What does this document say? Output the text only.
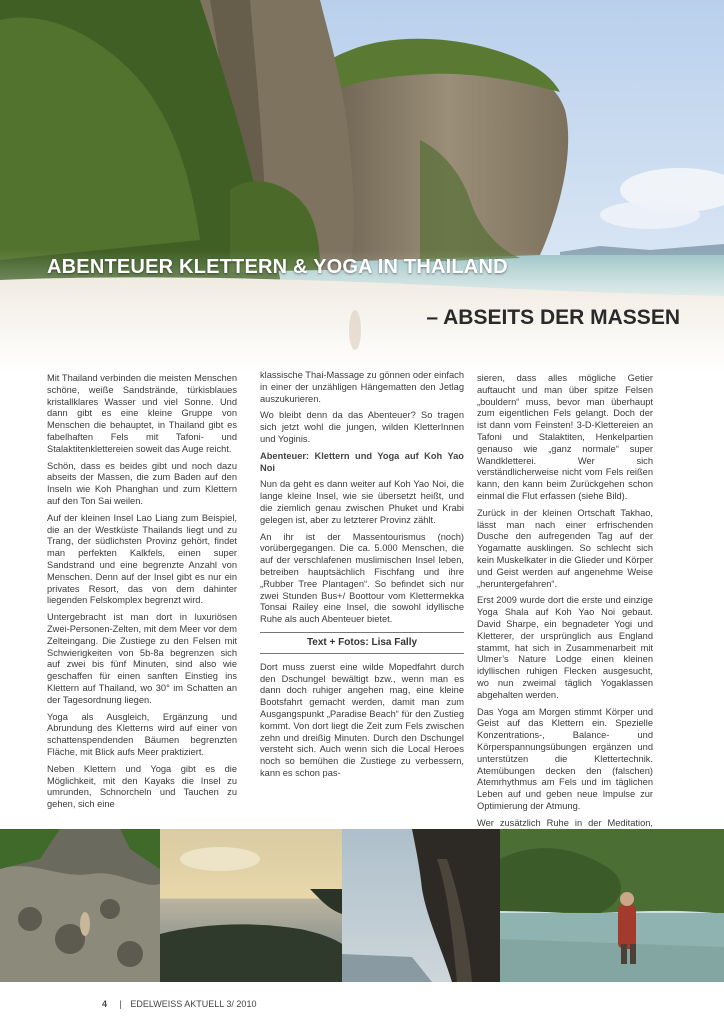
ABENTEUER KLETTERN & YOGA IN THAILAND
– ABSEITS DER MASSEN

Mit Thailand verbinden die meisten Menschen schöne, weiße Sandstrände, türkisblaues kristallklares Wasser und viel Sonne. Und dann gibt es eine kleine Gruppe von Menschen die behauptet, in Thailand gibt es fabelhaften Fels mit Tafoni- und Stalaktitenklettereien soweit das Auge reicht.

Schön, dass es beides gibt und noch dazu abseits der Massen, die zum Baden auf den Inseln wie Koh Phanghan und zum Klettern auf den Ton Sai weilen.

Auf der kleinen Insel Lao Liang zum Beispiel, die an der Westküste Thailands liegt und zu Trang, der südlichsten Provinz gehört, findet man perfekten Kalkfels, einen super Sandstrand und eine begrenzte Anzahl von Menschen. Denn auf der Insel gibt es nur ein privates Resort, das von dem dahinter liegenden Felskomplex begrenzt wird.

Untergebracht ist man dort in luxuriösen Zwei-Personen-Zelten, mit dem Meer vor dem Zelteingang. Die Zustiege zu den Felsen mit Schwierigkeiten von 5b-8a begrenzen sich auf zwei bis fünf Minuten, sind also wie geschaffen für einen sanften Einstieg ins Klettern auf Thailand, wo 30° im Schatten an der Tagesordnung liegen.

Yoga als Ausgleich, Ergänzung und Abrundung des Kletterns wird auf einer von schattenspendenden Bäumen begrenzten Fläche, mit Blick aufs Meer praktiziert.

Neben Klettern und Yoga gibt es die Möglichkeit, mit den Kayaks die Insel zu umrunden, Schnorcheln und Tauchen zu gehen, sich eine

klassische Thai-Massage zu gönnen oder einfach in einer der unzähligen Hängematten den Jetlag auszukurieren.

Wo bleibt denn da das Abenteuer? So tragen sich jetzt wohl die jungen, wilden KletterInnen und Yoginis.

Abenteuer: Klettern und Yoga auf Koh Yao Noi

Nun da geht es dann weiter auf Koh Yao Noi, die lange kleine Insel, wie sie übersetzt heißt, und die ziemlich genau zwischen Phuket und Krabi gelegen ist, aber zu letzterer Provinz zählt.

An ihr ist der Massentourismus (noch) vorübergegangen. Die ca. 5.000 Menschen, die auf der verschlafenen muslimischen Insel leben, betreiben hauptsächlich Fischfang und ihre „Rubber Tree Plantagen“. So befindet sich nur zwei Stunden Bus+/ Boottour vom Klettermekka Tonsai Railey eine Insel, die sowohl idyllische Ruhe als auch Abenteuer bietet.

Text + Fotos: Lisa Fally

Dort muss zuerst eine wilde Mopedfahrt durch den Dschungel bewältigt bzw., wenn man es dann doch ruhiger angehen mag, eine kleine Bootsfahrt gemacht werden, damit man zum Ausgangspunkt „Paradise Beach“ für den Zustieg kommt. Von dort liegt die Zeit zum Fels zwischen zehn und dreißig Minuten. Durch den Dschungel versteht sich. Auch wenn sich die Local Heroes noch so bemühen die Zustiege zu verbessern, kann es schon pas-

sieren, dass alles mögliche Getier auftaucht und man über spitze Felsen „bouldern“ muss, bevor man überhaupt zum eigentlichen Fels gelangt. Doch der ist dann vom Feinsten! 3-D-Klettereien an Tafoni und Stalaktiten, Henkelpartien genauso wie „ganz normale“ super Wandkletterei. Wer sich verständlicherweise nicht vom Fels reißen kann, den kann beim Zurückgehen schon einmal die Flut erfassen (siehe Bild).

Zurück in der kleinen Ortschaft Takhao, lässt man nach einer erfrischenden Dusche den aufregenden Tag auf der Yogamatte ausklingen. So schlecht sich kein Muskelkater in die Glieder und Körper und Geist werden auf angenehme Weise „heruntergefahren“.

Erst 2009 wurde dort die erste und einzige Yoga Shala auf Koh Yao Noi gebaut. David Sharpe, ein begnadeter Yogi und Kletterer, der ursprünglich aus England stammt, hat sich in Zusammenarbeit mit Ulmer’s Nature Lodge einen kleinen idyllischen ruhigen Flecken ausgesucht, wo nun zweimal täglich Yogaklassen abgehalten werden.

Das Yoga am Morgen stimmt Körper und Geist auf das Klettern ein. Spezielle Konzentrations-, Balance- und Körperspannungsübungen ergänzen und unterstützen die Klettertechnik. Atemübungen decken den (falschen) Atemrhythmus am Fels und im täglichen Leben auf und geben neue Impulse zur Optimierung der Atmung.

Wer zusätzlich Ruhe in der Meditation,

4 | EDELWEISS AKTUELL 3/ 2010
